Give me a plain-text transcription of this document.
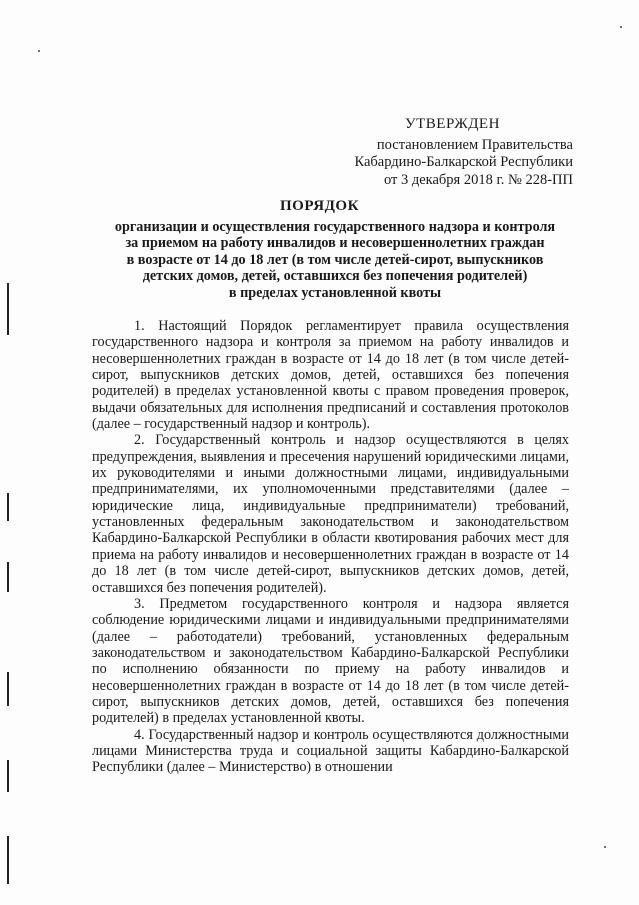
УТВЕРЖДЕН
постановлением Правительства
Кабардино-Балкарской Республики
от 3 декабря 2018 г. № 228-ПП
ПОРЯДОК
организации и осуществления государственного надзора и контроля
за приемом на работу инвалидов и несовершеннолетних граждан
в возрасте от 14 до 18 лет (в том числе детей-сирот, выпускников
детских домов, детей, оставшихся без попечения родителей)
в пределах установленной квоты

1. Настоящий Порядок регламентирует правила осуществления государственного надзора и контроля за приемом на работу инвалидов и несовершеннолетних граждан в возрасте от 14 до 18 лет (в том числе детей-сирот, выпускников детских домов, детей, оставшихся без попечения родителей) в пределах установленной квоты с правом проведения проверок, выдачи обязательных для исполнения предписаний и составления протоколов (далее – государственный надзор и контроль).

2. Государственный контроль и надзор осуществляются в целях предупреждения, выявления и пресечения нарушений юридическими лицами, их руководителями и иными должностными лицами, индивидуальными предпринимателями, их уполномоченными представителями (далее – юридические лица, индивидуальные предприниматели) требований, установленных федеральным законодательством и законодательством Кабардино-Балкарской Республики в области квотирования рабочих мест для приема на работу инвалидов и несовершеннолетних граждан в возрасте от 14 до 18 лет (в том числе детей-сирот, выпускников детских домов, детей, оставшихся без попечения родителей).

3. Предметом государственного контроля и надзора является соблюдение юридическими лицами и индивидуальными предпринимателями (далее – работодатели) требований, установленных федеральным законодательством и законодательством Кабардино-Балкарской Республики по исполнению обязанности по приему на работу инвалидов и несовершеннолетних граждан в возрасте от 14 до 18 лет (в том числе детей-сирот, выпускников детских домов, детей, оставшихся без попечения родителей) в пределах установленной квоты.

4. Государственный надзор и контроль осуществляются должностными лицами Министерства труда и социальной защиты Кабардино-Балкарской Республики (далее – Министерство) в отношении
